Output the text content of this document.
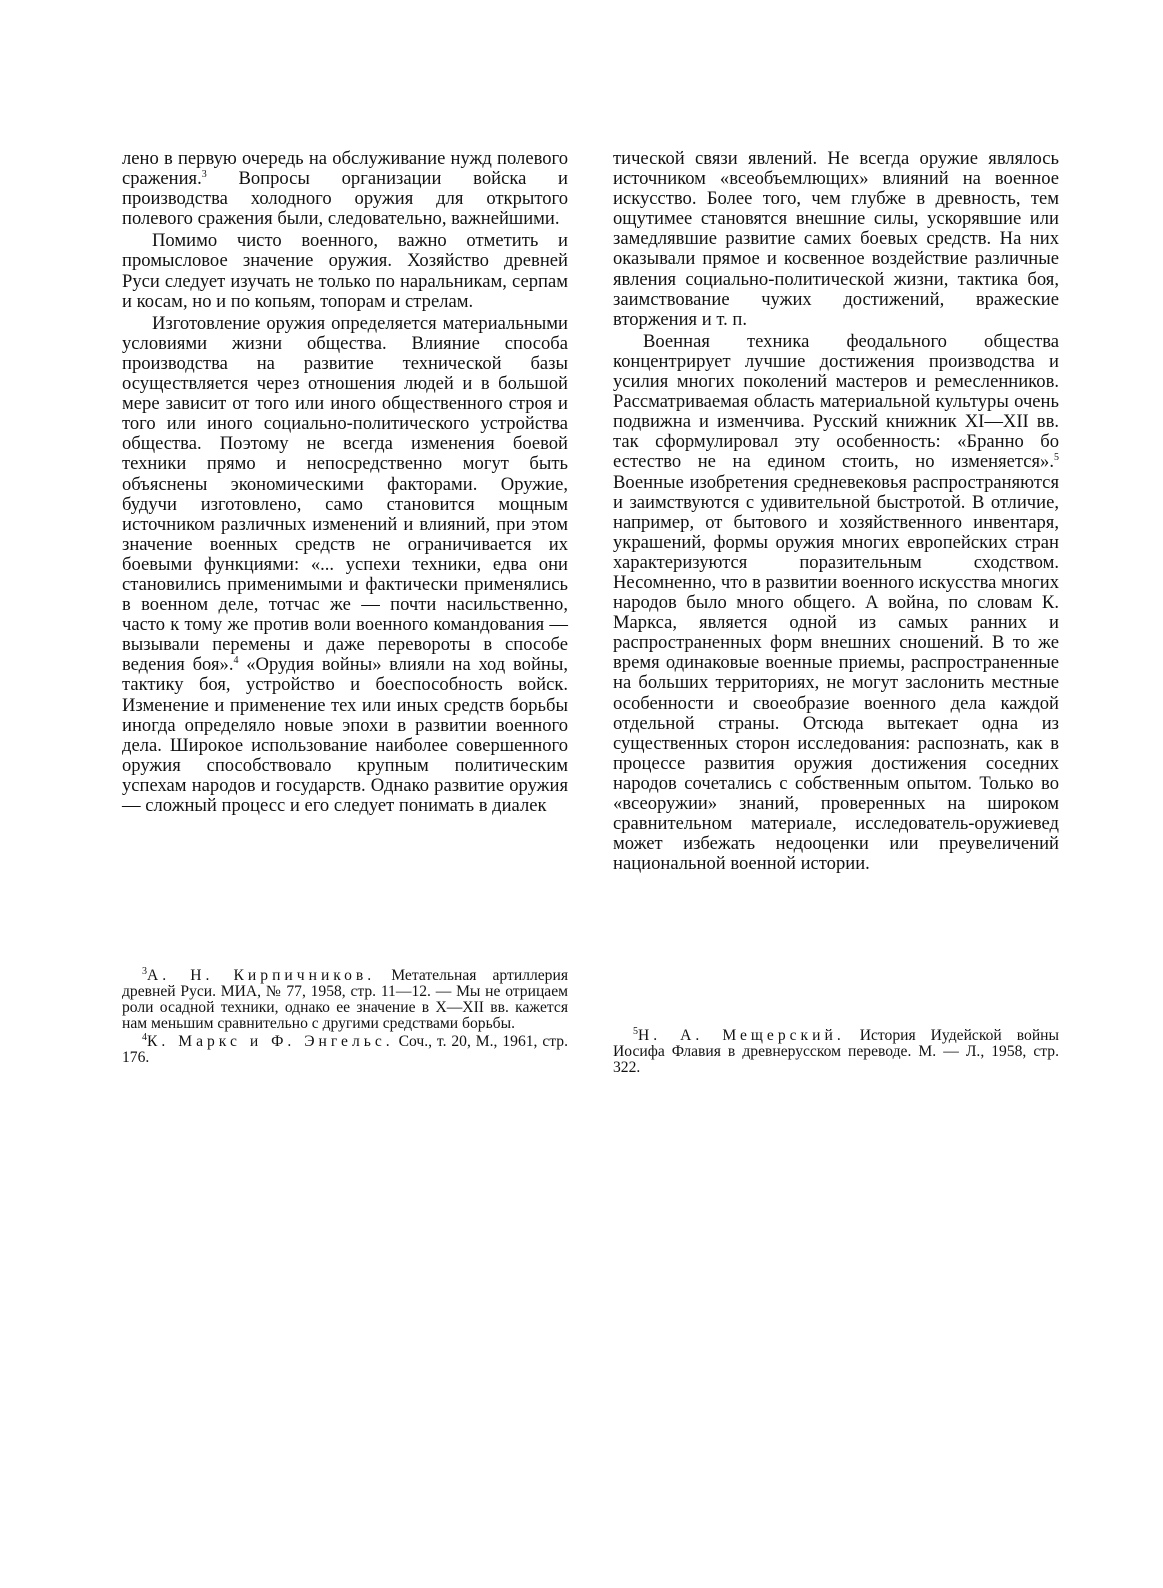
лено в первую очередь на обслуживание нужд полевого сражения.$^3$ Вопросы организации войска и производства холодного оружия для открытого полевого сражения были, следовательно, важнейшими.

Помимо чисто военного, важно отметить и промысловое значение оружия. Хозяйство древней Руси следует изучать не только по наральникам, серпам и косам, но и по копьям, топорам и стрелам.

Изготовление оружия определяется материальными условиями жизни общества. Влияние способа производства на развитие технической базы осуществляется через отношения людей и в большой мере зависит от того или иного общественного строя и того или иного социально-политического устройства общества. Поэтому не всегда изменения боевой техники прямо и непосредственно могут быть объяснены экономическими факторами. Оружие, будучи изготовлено, само становится мощным источником различных изменений и влияний, при этом значение военных средств не ограничивается их боевыми функциями: «... успехи техники, едва они становились применимыми и фактически применялись в военном деле, тотчас же — почти насильственно, часто к тому же против воли военного командования — вызывали перемены и даже перевороты в способе ведения боя».$^4$ «Орудия войны» влияли на ход войны, тактику боя, устройство и боеспособность войск. Изменение и применение тех или иных средств борьбы иногда определяло новые эпохи в развитии военного дела. Широкое использование наиболее совершенного оружия способствовало крупным политическим успехам народов и государств. Однако развитие оружия — сложный процесс и его следует понимать в диалек

$^3$А. Н. Кирпичников. Метательная артиллерия древней Руси. МИА, № 77, 1958, стр. 11—12. — Мы не отрицаем роли осадной техники, однако ее значение в X—XII вв. кажется нам меньшим сравнительно с другими средствами борьбы.

$^4$К. Маркс и Ф. Энгельс. Соч., т. 20, М., 1961, стр. 176.

тической связи явлений. Не всегда оружие являлось источником «всеобъемлющих» влияний на военное искусство. Более того, чем глубже в древность, тем ощутимее становятся внешние силы, ускорявшие или замедлявшие развитие самих боевых средств. На них оказывали прямое и косвенное воздействие различные явления социально-политической жизни, тактика боя, заимствование чужих достижений, вражеские вторжения и т. п.

Военная техника феодального общества концентрирует лучшие достижения производства и усилия многих поколений мастеров и ремесленников. Рассматриваемая область материальной культуры очень подвижна и изменчива. Русский книжник XI—XII вв. так сформулировал эту особенность: «Бранно бо естество не на едином стоить, но изменяется».$^5$ Военные изобретения средневековья распространяются и заимствуются с удивительной быстротой. В отличие, например, от бытового и хозяйственного инвентаря, украшений, формы оружия многих европейских стран характеризуются поразительным сходством. Несомненно, что в развитии военного искусства многих народов было много общего. А война, по словам К. Маркса, является одной из самых ранних и распространенных форм внешних сношений. В то же время одинаковые военные приемы, распространенные на больших территориях, не могут заслонить местные особенности и своеобразие военного дела каждой отдельной страны. Отсюда вытекает одна из существенных сторон исследования: распознать, как в процессе развития оружия достижения соседних народов сочетались с собственным опытом. Только во «всеоружии» знаний, проверенных на широком сравнительном материале, исследователь-оружиевед может избежать недооценки или преувеличений национальной военной истории.

$^5$Н. А. Мещерский. История Иудейской войны Иосифа Флавия в древнерусском переводе. М. — Л., 1958, стр. 322.
